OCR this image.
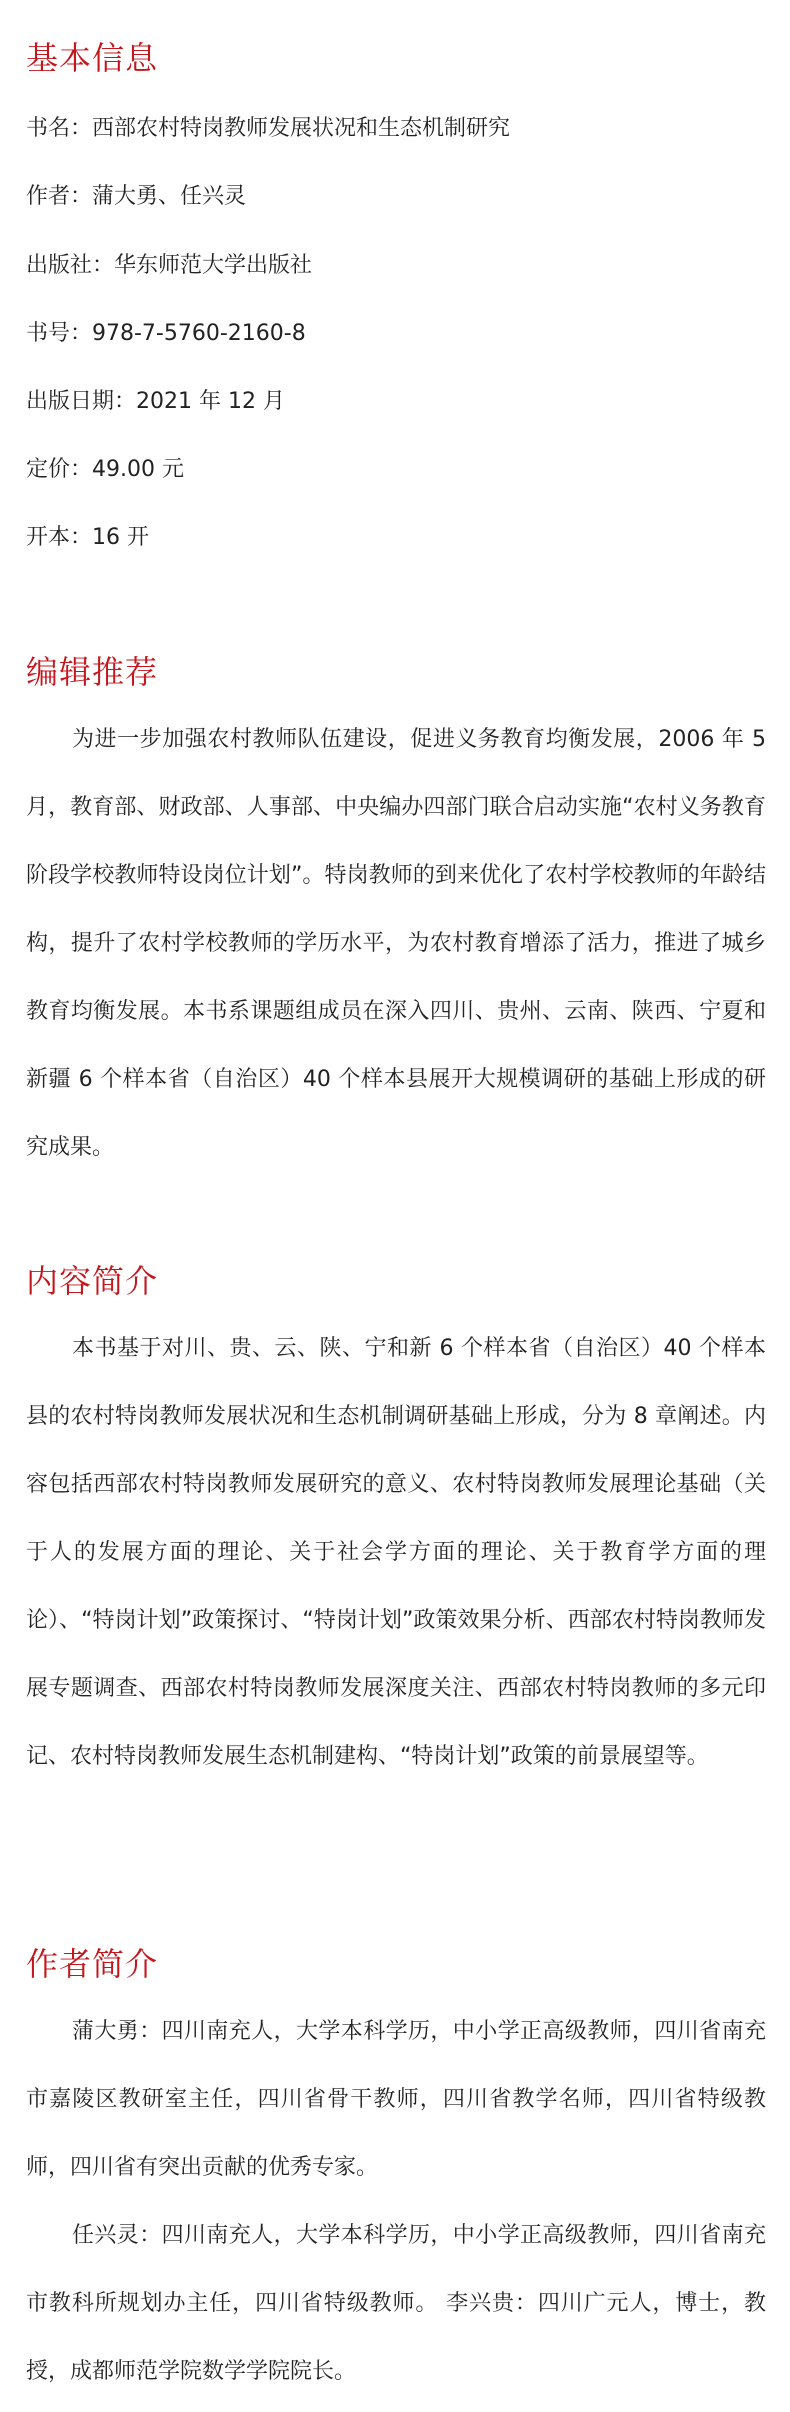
基本信息
书名：西部农村特岗教师发展状况和生态机制研究
作者：蒲大勇、任兴灵
出版社：华东师范大学出版社
书号：978-7-5760-2160-8
出版日期：2021 年 12 月
定价：49.00 元
开本：16 开
编辑推荐

为进一步加强农村教师队伍建设，促进义务教育均衡发展，2006 年 5 月，教育部、财政部、人事部、中央编办四部门联合启动实施“农村义务教育阶段学校教师特设岗位计划”。特岗教师的到来优化了农村学校教师的年龄结构，提升了农村学校教师的学历水平，为农村教育增添了活力，推进了城乡教育均衡发展。本书系课题组成员在深入四川、贵州、云南、陕西、宁夏和新疆 6 个样本省（自治区）40 个样本县展开大规模调研的基础上形成的研究成果。

内容简介

本书基于对川、贵、云、陕、宁和新 6 个样本省（自治区）40 个样本县的农村特岗教师发展状况和生态机制调研基础上形成，分为 8 章阐述。内容包括西部农村特岗教师发展研究的意义、农村特岗教师发展理论基础（关于人的发展方面的理论、关于社会学方面的理论、关于教育学方面的理论）、“特岗计划”政策探讨、“特岗计划”政策效果分析、西部农村特岗教师发展专题调查、西部农村特岗教师发展深度关注、西部农村特岗教师的多元印记、农村特岗教师发展生态机制建构、“特岗计划”政策的前景展望等。

作者简介

蒲大勇：四川南充人，大学本科学历，中小学正高级教师，四川省南充市嘉陵区教研室主任，四川省骨干教师，四川省教学名师，四川省特级教师，四川省有突出贡献的优秀专家。

任兴灵：四川南充人，大学本科学历，中小学正高级教师，四川省南充市教科所规划办主任，四川省特级教师。 李兴贵：四川广元人，博士，教授，成都师范学院数学学院院长。
